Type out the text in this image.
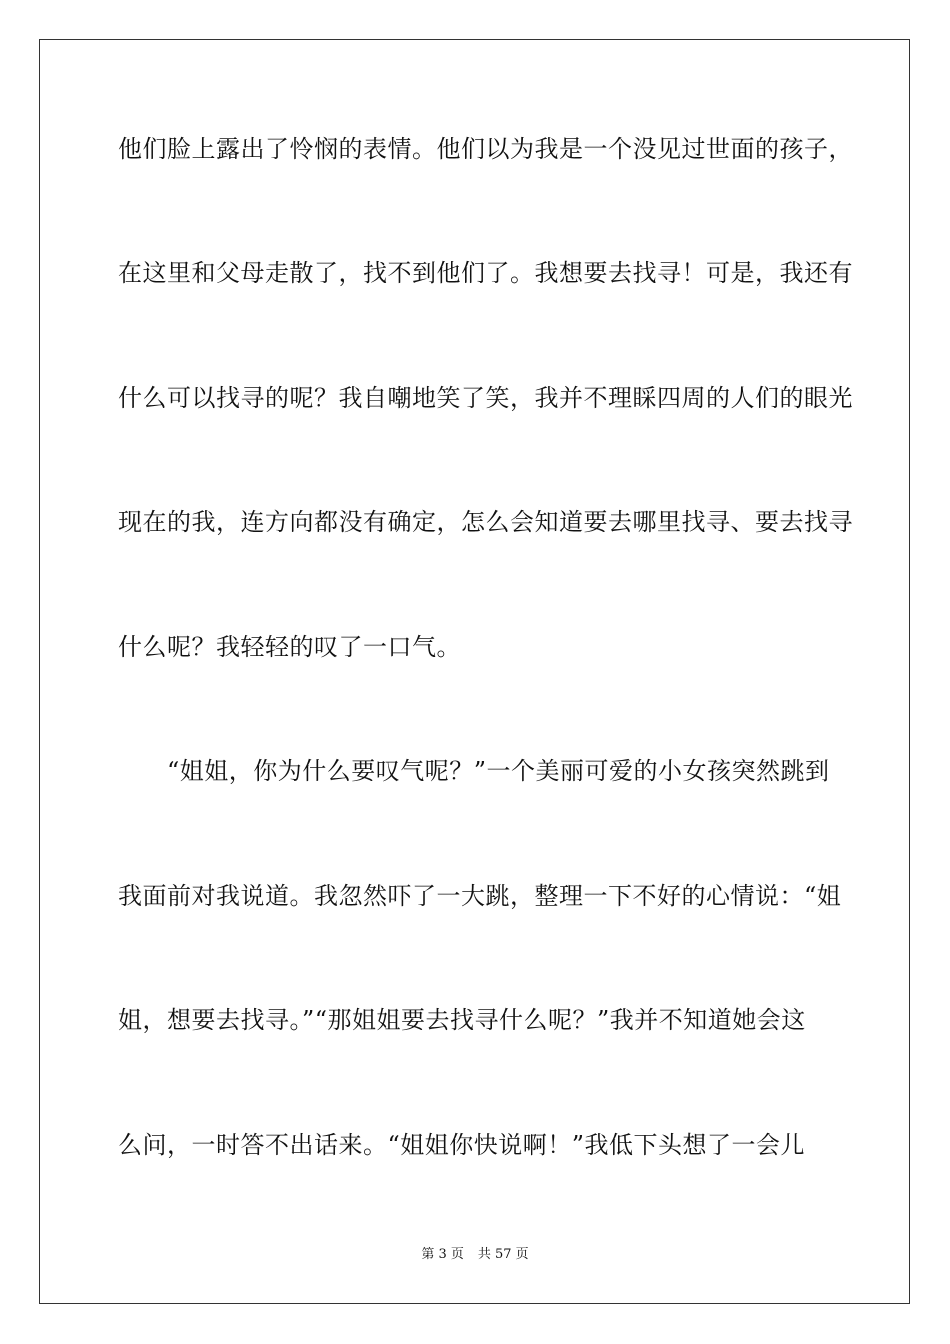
他们脸上露出了怜悯的表情。他们以为我是一个没见过世面的孩子，
在这里和父母走散了，找不到他们了。我想要去找寻！可是，我还有
什么可以找寻的呢？我自嘲地笑了笑，我并不理睬四周的人们的眼光
现在的我，连方向都没有确定，怎么会知道要去哪里找寻、要去找寻
什么呢？我轻轻的叹了一口气。
　　“姐姐，你为什么要叹气呢？”一个美丽可爱的小女孩突然跳到
我面前对我说道。我忽然吓了一大跳，整理一下不好的心情说：“姐
姐，想要去找寻。”“那姐姐要去找寻什么呢？”我并不知道她会这
么问，一时答不出话来。“姐姐你快说啊！”我低下头想了一会儿
第 3 页 共 57 页
